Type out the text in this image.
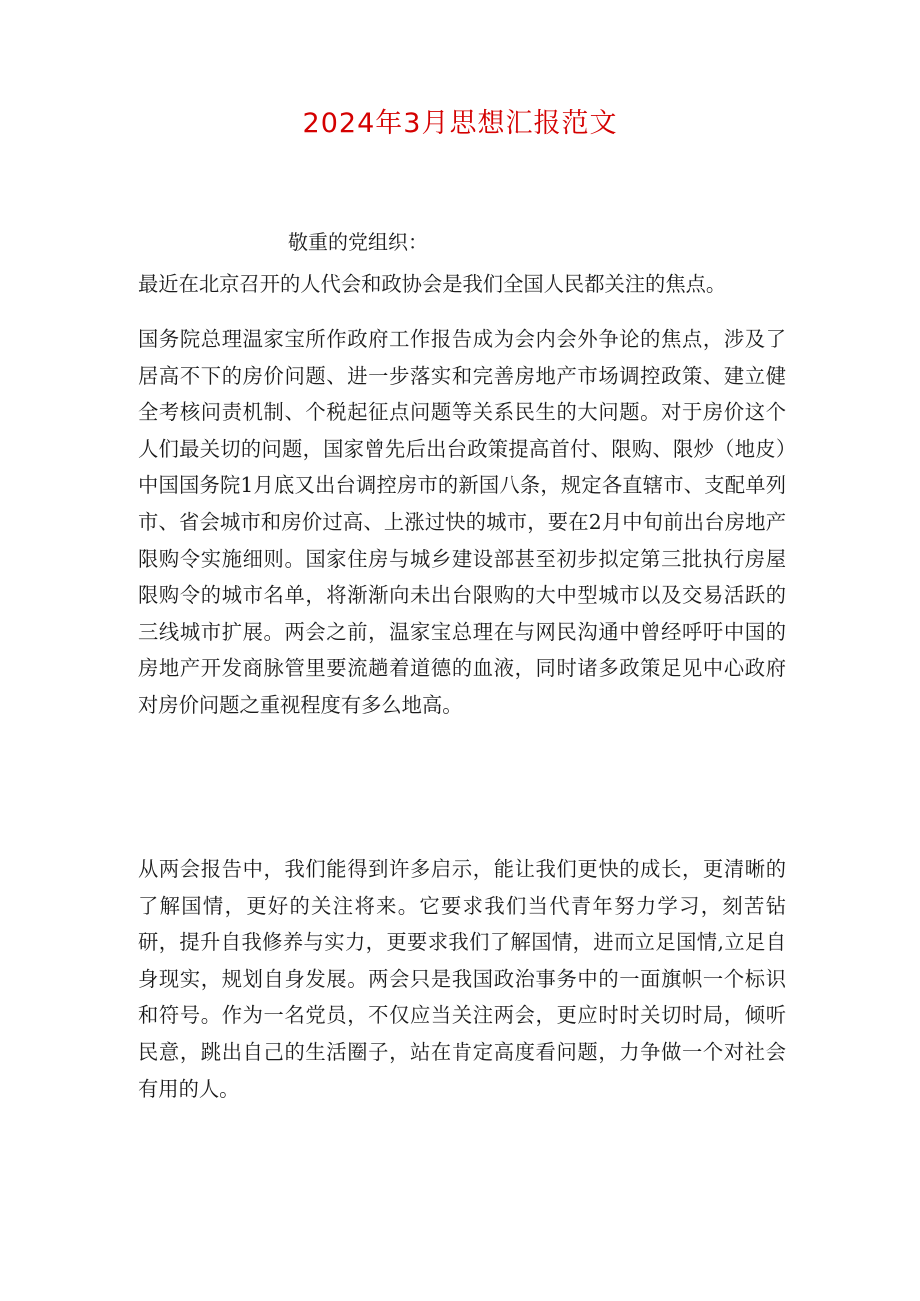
2024年3月思想汇报范文

敬重的党组织：

最近在北京召开的人代会和政协会是我们全国人民都关注的焦点。

国务院总理温家宝所作政府工作报告成为会内会外争论的焦点，涉及了居高不下的房价问题、进一步落实和完善房地产市场调控政策、建立健全考核问责机制、个税起征点问题等关系民生的大问题。对于房价这个人们最关切的问题，国家曾先后出台政策提高首付、限购、限炒（地皮）中国国务院1月底又出台调控房市的新国八条，规定各直辖市、支配单列市、省会城市和房价过高、上涨过快的城市，要在2月中旬前出台房地产限购令实施细则。国家住房与城乡建设部甚至初步拟定第三批执行房屋限购令的城市名单，将渐渐向未出台限购的大中型城市以及交易活跃的三线城市扩展。两会之前，温家宝总理在与网民沟通中曾经呼吁中国的房地产开发商脉管里要流趟着道德的血液，同时诸多政策足见中心政府对房价问题之重视程度有多么地高。

从两会报告中，我们能得到许多启示，能让我们更快的成长，更清晰的了解国情，更好的关注将来。它要求我们当代青年努力学习，刻苦钻研，提升自我修养与实力，更要求我们了解国情，进而立足国情,立足自身现实，规划自身发展。两会只是我国政治事务中的一面旗帜一个标识和符号。作为一名党员，不仅应当关注两会，更应时时关切时局，倾听民意，跳出自己的生活圈子，站在肯定高度看问题，力争做一个对社会有用的人。
